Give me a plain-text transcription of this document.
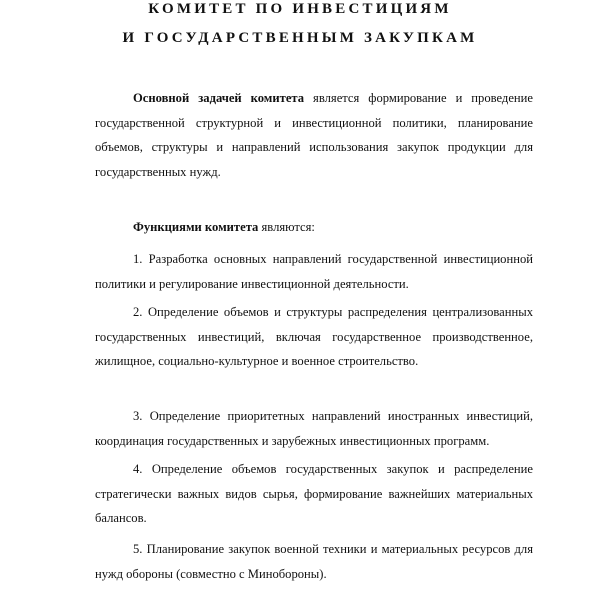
КОМИТЕТ ПО ИНВЕСТИЦИЯМ
И ГОСУДАРСТВЕННЫМ ЗАКУПКАМ

Основной задачей комитета является формирование и проведение государственной структурной и инвестиционной политики, планирование объемов, структуры и направлений использования закупок продукции для государственных нужд.

Функциями комитета являются:

1. Разработка основных направлений государственной инвестиционной политики и регулирование инвестиционной деятельности.

2. Определение объемов и структуры распределения централизованных государственных инвестиций, включая государственное производственное, жилищное, социально-культурное и военное строительство.

3. Определение приоритетных направлений иностранных инвестиций, координация государственных и зарубежных инвестиционных программ.

4. Определение объемов государственных закупок и распределение стратегически важных видов сырья, формирование важнейших материальных балансов.

5. Планирование закупок военной техники и материальных ресурсов для нужд обороны (совместно с Минобороны).
